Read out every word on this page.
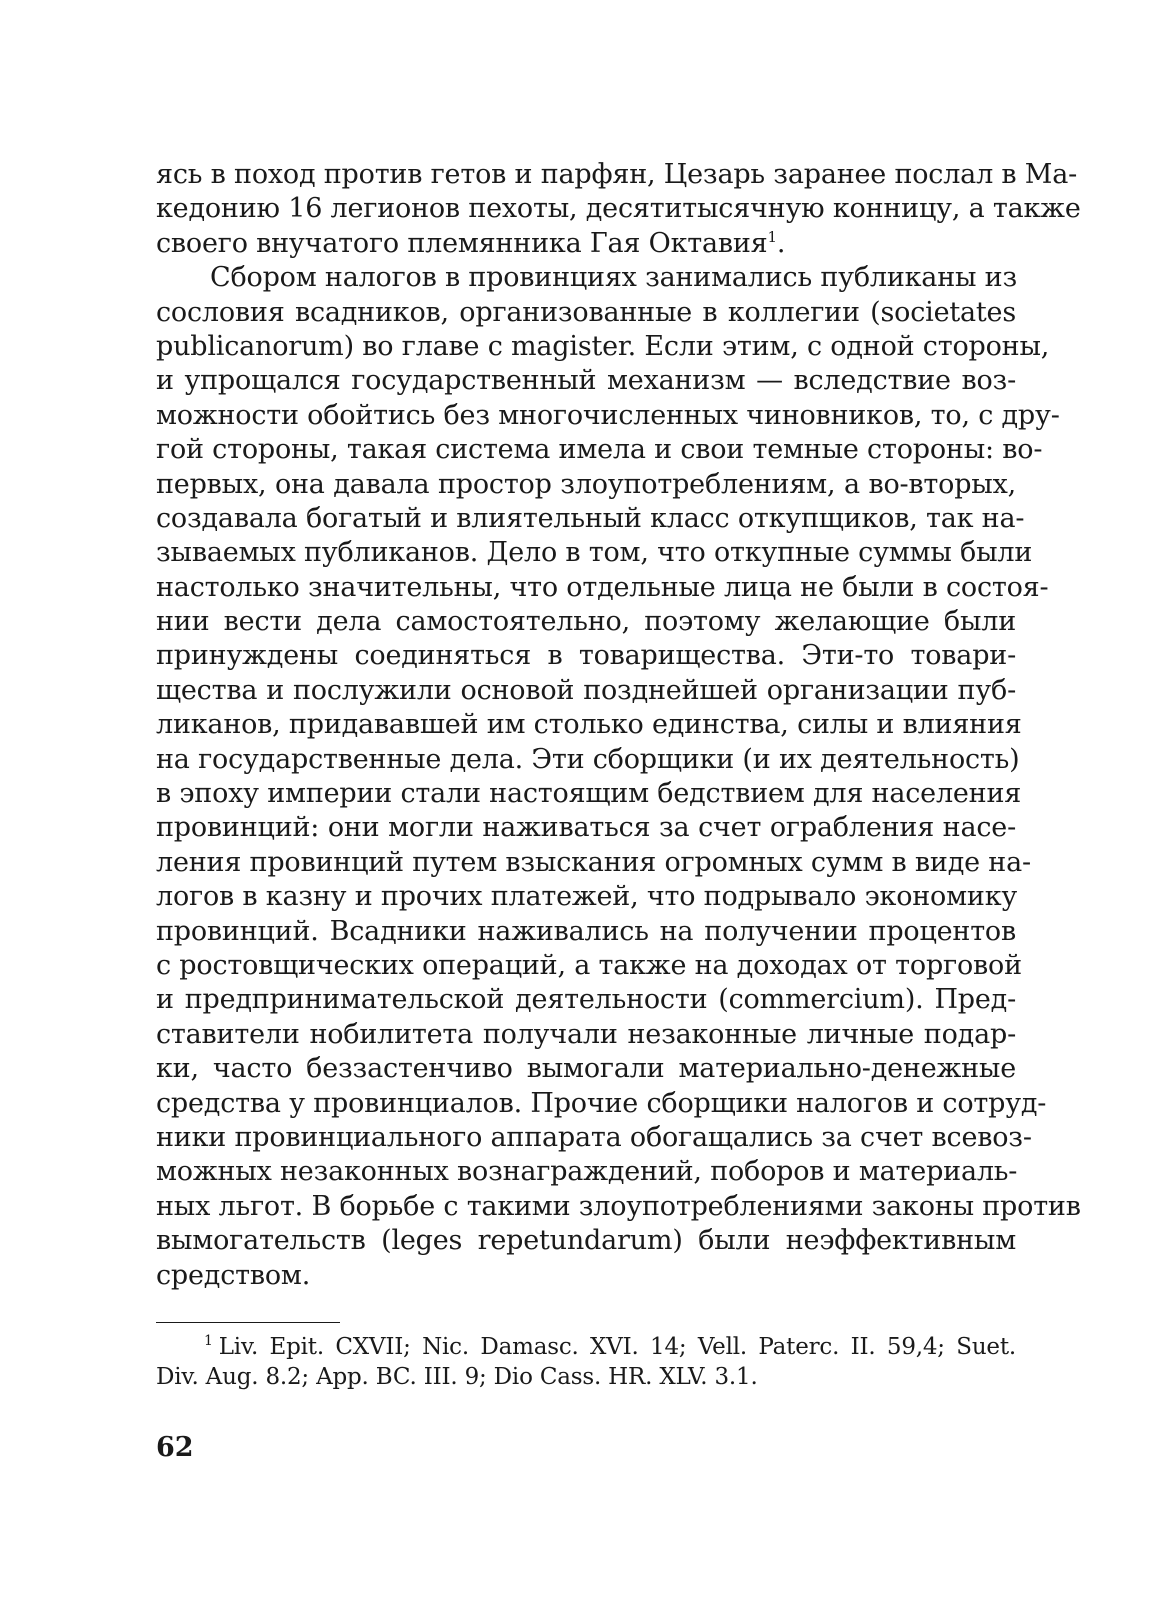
ясь в поход против гетов и парфян, Цезарь заранее послал в Ма-
кедонию 16 легионов пехоты, десятитысячную конницу, а также
своего внучатого племянника Гая Октавия$^1$.
Сбором налогов в провинциях занимались публиканы из
сословия всадников, организованные в коллегии (societates
publicanorum) во главе с magister. Если этим, с одной стороны,
и упрощался государственный механизм — вследствие воз-
можности обойтись без многочисленных чиновников, то, с дру-
гой стороны, такая система имела и свои темные стороны: во-
первых, она давала простор злоупотреблениям, а во-вторых,
создавала богатый и влиятельный класс откупщиков, так на-
зываемых публиканов. Дело в том, что откупные суммы были
настолько значительны, что отдельные лица не были в состоя-
нии вести дела самостоятельно, поэтому желающие были
принуждены соединяться в товарищества. Эти-то товари-
щества и послужили основой позднейшей организации пуб-
ликанов, придававшей им столько единства, силы и влияния
на государственные дела. Эти сборщики (и их деятельность)
в эпоху империи стали настоящим бедствием для населения
провинций: они могли наживаться за счет ограбления насе-
ления провинций путем взыскания огромных сумм в виде на-
логов в казну и прочих платежей, что подрывало экономику
провинций. Всадники наживались на получении процентов
с ростовщических операций, а также на доходах от торговой
и предпринимательской деятельности (commercium). Пред-
ставители нобилитета получали незаконные личные подар-
ки, часто беззастенчиво вымогали материально-денежные
средства у провинциалов. Прочие сборщики налогов и сотруд-
ники провинциального аппарата обогащались за счет всевоз-
можных незаконных вознаграждений, поборов и материаль-
ных льгот. В борьбе с такими злоупотреблениями законы против
вымогательств (leges repetundarum) были неэффективным
средством.
$^1$ Liv. Epit. CXVII; Nic. Damasc. XVI. 14; Vell. Paterc. II. 59,4; Suet.
Div. Aug. 8.2; App. BC. III. 9; Dio Cass. HR. XLV. 3.1.
62
